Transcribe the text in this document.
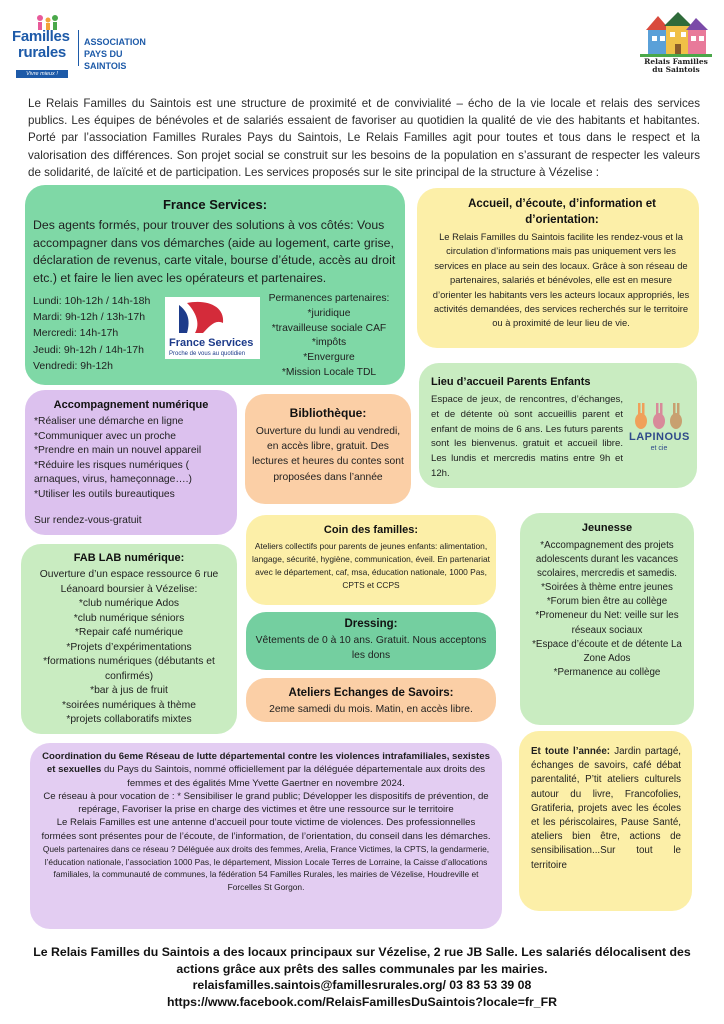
Familles
rurales
Vivre mieux !
ASSOCIATION
PAYS DU SAINTOIS	Relais Familles
du Saintois

Le Relais Familles du Saintois est une structure de proximité et de convivialité – écho de la vie locale et relais des services publics. Les équipes de bénévoles et de salariés essaient de favoriser au quotidien la qualité de vie des habitants et habitantes. Porté par l’association Familles Rurales Pays du Saintois, Le Relais Familles agit pour toutes et tous dans le respect et la valorisation des différences. Son projet social se construit sur les besoins de la population en s’assurant de respecter les valeurs de solidarité, de laïcité et de participation. Les services proposés sur le site principal de la structure à Vézelise :

France Services:
Des agents formés, pour trouver des solutions à vos côtés: Vous accompagner dans vos démarches (aide au logement, carte grise, déclaration de revenus, carte vitale, bourse d’étude, accès au droit etc.) et faire le lien avec les opérateurs et partenaires.
Lundi: 10h-12h / 14h-18h
Mardi: 9h-12h / 13h-17h
Mercredi: 14h-17h
Jeudi: 9h-12h / 14h-17h
Vendredi: 9h-12h
France Services
Proche de vous au quotidien
Permanences partenaires:
*juridique
*travailleuse sociale CAF
*impôts
*Envergure
*Mission Locale TDL
Accueil, d’écoute, d’information et d’orientation:
Le Relais Familles du Saintois facilite les rendez-vous et la circulation d’informations mais pas uniquement vers les services en place au sein des locaux. Grâce à son réseau de partenaires, salariés et bénévoles, elle est en mesure d’orienter les habitants vers les acteurs locaux appropriés, les activités demandées, des services recherchés sur le territoire ou à proximité de leur lieu de vie.
Lieu d’accueil Parents Enfants
Espace de jeux, de rencontres, d’échanges, et de détente où sont accueillis parent et enfant de moins de 6 ans. Les futurs parents sont les bienvenus. gratuit et accueil libre. Les lundis et mercredis matins entre 9h et 12h.
LAPINOUS
et cie
Accompagnement numérique
*Réaliser une démarche en ligne
*Communiquer avec un proche
*Prendre en main un nouvel appareil
*Réduire les risques numériques ( arnaques, virus, hameçonnage….)
*Utiliser les outils bureautiques
Sur rendez-vous-gratuit
Bibliothèque:
Ouverture du lundi au vendredi, en accès libre, gratuit. Des lectures et heures du contes sont proposées dans l’année
Coin des familles:
Ateliers collectifs pour parents de jeunes enfants: alimentation, langage, sécurité, hygiène, communication, éveil. En partenariat avec le département, caf, msa, éducation nationale, 1000 Pas, CPTS et CCPS
Jeunesse
*Accompagnement des projets adolescents durant les vacances scolaires, mercredis et samedis.
*Soirées à thème entre jeunes
*Forum bien être au collège
*Promeneur du Net: veille sur les réseaux sociaux
*Espace d’écoute et de détente La Zone Ados
*Permanence au collège
FAB LAB numérique:
Ouverture d’un espace ressource 6 rue Léanoard boursier à Vézelise:
*club numérique Ados
*club numérique séniors
*Repair café numérique
*Projets d’expérimentations
*formations numériques (débutants et confirmés)
*bar à jus de fruit
*soirées numériques à thème
*projets collaboratifs mixtes
Dressing:
Vêtements de 0 à 10 ans. Gratuit. Nous acceptons les dons
Ateliers Echanges de Savoirs:
2eme samedi du mois. Matin, en accès libre.
Coordination du 6eme Réseau de lutte départemental contre les violences intrafamiliales, sexistes et sexuelles du Pays du Saintois, nommé officiellement par la déléguée départementale aux droits des femmes et des égalités Mme Yvette Gaertner en novembre 2024.
Ce réseau à pour vocation de : * Sensibiliser le grand public; Développer les dispositifs de prévention, de repérage, Favoriser la prise en charge des victimes et être une ressource sur le territoire
Le Relais Familles est une antenne d’accueil pour toute victime de violences. Des professionnelles formées sont présentes pour de l’écoute, de l’information, de l’orientation, du conseil dans les démarches.
Quels partenaires dans ce réseau ? Déléguée aux droits des femmes, Arelia, France Victimes, la CPTS, la gendarmerie, l’éducation nationale, l’association 1000 Pas, le département, Mission Locale Terres de Lorraine, la Caisse d’allocations familiales, la communauté de communes, la fédération 54 Familles Rurales, les mairies de Vézelise, Houdreville et Forcelles St Gorgon.
Et toute l’année: Jardin partagé, échanges de savoirs, café débat parentalité, P’tit ateliers culturels autour du livre, Francofolies, Gratiferia, projets avec les écoles et les périscolaires, Pause Santé, ateliers bien être, actions de sensibilisation...Sur tout le territoire
Le Relais Familles du Saintois a des locaux principaux sur Vézelise, 2 rue JB Salle. Les salariés délocalisent des actions grâce aux prêts des salles communales par les mairies.
relaisfamilles.saintois@famillesrurales.org/ 03 83 53 39 08
https://www.facebook.com/RelaisFamillesDuSaintois?locale=fr_FR
